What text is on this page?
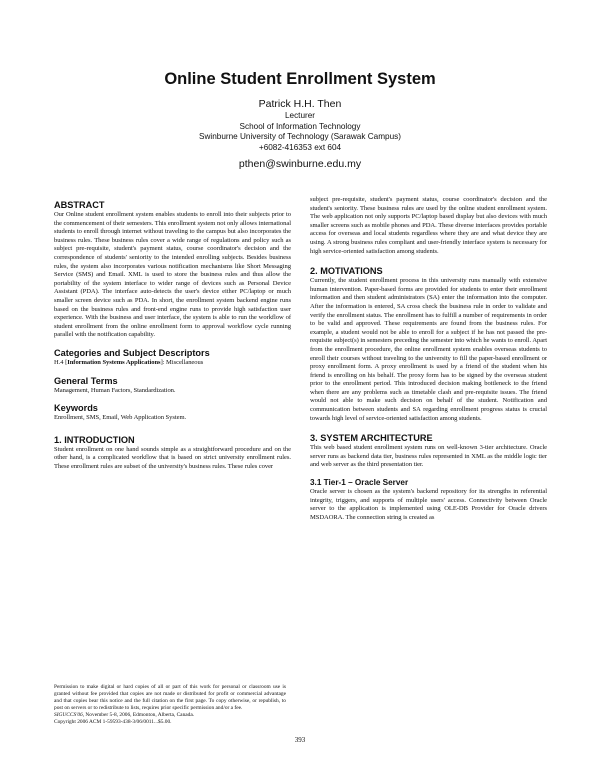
Online Student Enrollment System
Patrick H.H. Then
Lecturer
School of Information Technology
Swinburne University of Technology (Sarawak Campus)
+6082-416353 ext 604
pthen@swinburne.edu.my
ABSTRACT

Our Online student enrollment system enables students to enroll into their subjects prior to the commencement of their semesters. This enrollment system not only allows international students to enroll through internet without traveling to the campus but also incorporates the business rules. These business rules cover a wide range of regulations and policy such as subject pre-requisite, student's payment status, course coordinator's decision and the correspondence of students' seniority to the intended enrolling subjects. Besides business rules, the system also incorporates various notification mechanisms like Short Messaging Service (SMS) and Email. XML is used to store the business rules and thus allow the portability of the system interface to wider range of devices such as Personal Device Assistant (PDA). The interface auto-detects the user's device either PC/laptop or much smaller screen device such as PDA. In short, the enrollment system backend engine runs based on the business rules and front-end engine runs to provide high satisfaction user experience. With the business and user interface, the system is able to run the workflow of student enrollment from the online enrollment form to approval workflow cycle running parallel with the notification capability.

Categories and Subject Descriptors

H.4 [Information Systems Applications]: Miscellaneous

General Terms

Management, Human Factors, Standardization.

Keywords

Enrollment, SMS, Email, Web Application System.

1. INTRODUCTION

Student enrollment on one hand sounds simple as a straightforward procedure and on the other hand, is a complicated workflow that is based on strict university enrollment rules. These enrollment rules are subset of the university's business rules. These rules cover

Permission to make digital or hard copies of all or part of this work for personal or classroom use is granted without fee provided that copies are not made or distributed for profit or commercial advantage and that copies bear this notice and the full citation on the first page. To copy otherwise, or republish, to post on servers or to redistribute to lists, requires prior specific permission and/or a fee.

SIGUCCS'06, November 5-8, 2006, Edmonton, Alberta, Canada.

Copyright 2006 ACM 1-59593-438-3/06/0011...$5.00.

subject pre-requisite, student's payment status, course coordinator's decision and the student's seniority. These business rules are used by the online student enrollment system. The web application not only supports PC/laptop based display but also devices with much smaller screens such as mobile phones and PDA. These diverse interfaces provides portable access for overseas and local students regardless where they are and what device they are using. A strong business rules compliant and user-friendly interface system is necessary for high service-oriented satisfaction among students.

2. MOTIVATIONS

Currently, the student enrollment process in this university runs manually with extensive human intervention. Paper-based forms are provided for students to enter their enrollment information and then student administrators (SA) enter the information into the computer. After the information is entered, SA cross check the business rule in order to validate and verify the enrollment status. The enrollment has to fulfill a number of requirements in order to be valid and approved. These requirements are found from the business rules. For example, a student would not be able to enroll for a subject if he has not passed the pre-requisite subject(s) in semesters preceding the semester into which he wants to enroll. Apart from the enrollment procedure, the online enrollment system enables overseas students to enroll their courses without traveling to the university to fill the paper-based enrollment or proxy enrollment form. A proxy enrollment is used by a friend of the student when his friend is enrolling on his behalf. The proxy form has to be signed by the overseas student prior to the enrollment period. This introduced decision making bottleneck to the friend when there are any problems such as timetable clash and pre-requisite issues. The friend would not able to make such decision on behalf of the student. Notification and communication between students and SA regarding enrollment progress status is crucial towards high level of service-oriented satisfaction among students.

3. SYSTEM ARCHITECTURE

This web based student enrollment system runs on well-known 3-tier architecture. Oracle server runs as backend data tier, business rules represented in XML as the middle logic tier and web server as the third presentation tier.

3.1 Tier-1 – Oracle Server

Oracle server is chosen as the system's backend repository for its strengths in referential integrity, triggers, and supports of multiple users' access. Connectivity between Oracle server to the application is implemented using OLE-DB Provider for Oracle drivers MSDAORA. The connection string is created as

393
